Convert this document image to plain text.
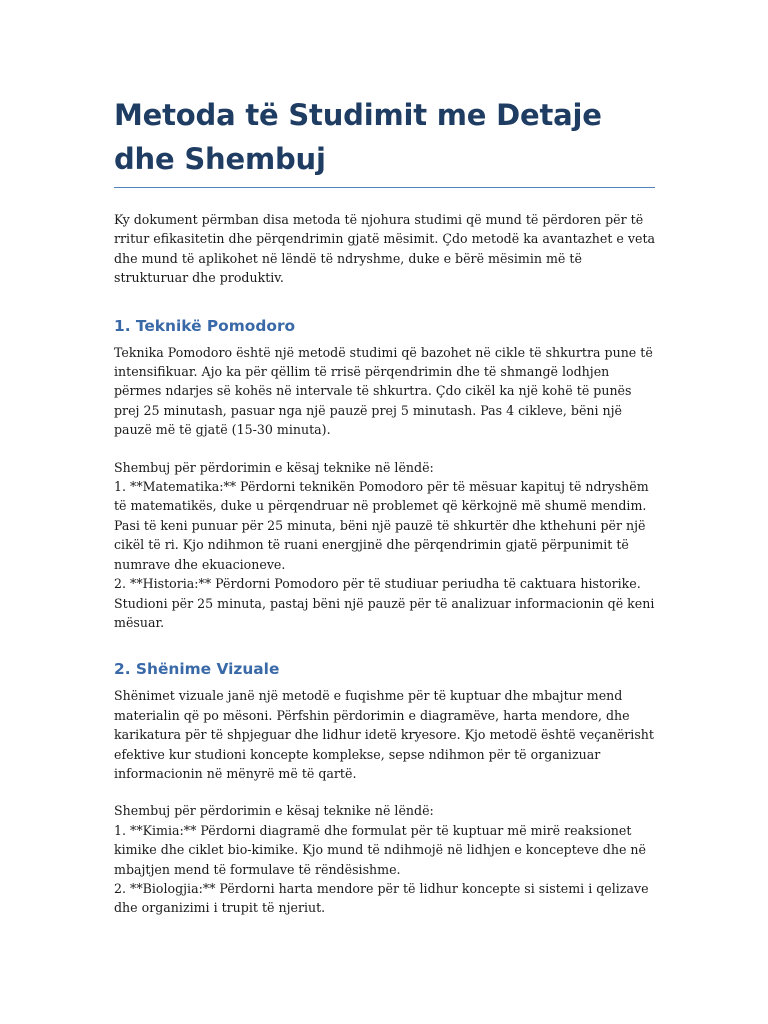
Metoda të Studimit me Detaje dhe Shembuj

Ky dokument përmban disa metoda të njohura studimi që mund të përdoren për të rritur efikasitetin dhe përqendrimin gjatë mësimit. Çdo metodë ka avantazhet e veta dhe mund të aplikohet në lëndë të ndryshme, duke e bërë mësimin më të strukturuar dhe produktiv.

1. Teknikë Pomodoro

Teknika Pomodoro është një metodë studimi që bazohet në cikle të shkurtra pune të intensifikuar. Ajo ka për qëllim të rrisë përqendrimin dhe të shmangë lodhjen përmes ndarjes së kohës në intervale të shkurtra. Çdo cikël ka një kohë të punës prej 25 minutash, pasuar nga një pauzë prej 5 minutash. Pas 4 cikleve, bëni një pauzë më të gjatë (15-30 minuta).

Shembuj për përdorimin e kësaj teknike në lëndë:

1. **Matematika:** Përdorni teknikën Pomodoro për të mësuar kapituj të ndryshëm të matematikës, duke u përqendruar në problemet që kërkojnë më shumë mendim. Pasi të keni punuar për 25 minuta, bëni një pauzë të shkurtër dhe kthehuni për një cikël të ri. Kjo ndihmon të ruani energjinë dhe përqendrimin gjatë përpunimit të numrave dhe ekuacioneve.

2. **Historia:** Përdorni Pomodoro për të studiuar periudha të caktuara historike. Studioni për 25 minuta, pastaj bëni një pauzë për të analizuar informacionin që keni mësuar.

2. Shënime Vizuale

Shënimet vizuale janë një metodë e fuqishme për të kuptuar dhe mbajtur mend materialin që po mësoni. Përfshin përdorimin e diagramëve, harta mendore, dhe karikatura për të shpjeguar dhe lidhur idetë kryesore. Kjo metodë është veçanërisht efektive kur studioni koncepte komplekse, sepse ndihmon për të organizuar informacionin në mënyrë më të qartë.

Shembuj për përdorimin e kësaj teknike në lëndë:

1. **Kimia:** Përdorni diagramë dhe formulat për të kuptuar më mirë reaksionet kimike dhe ciklet bio-kimike. Kjo mund të ndihmojë në lidhjen e koncepteve dhe në mbajtjen mend të formulave të rëndësishme.

2. **Biologjia:** Përdorni harta mendore për të lidhur koncepte si sistemi i qelizave dhe organizimi i trupit të njeriut.
